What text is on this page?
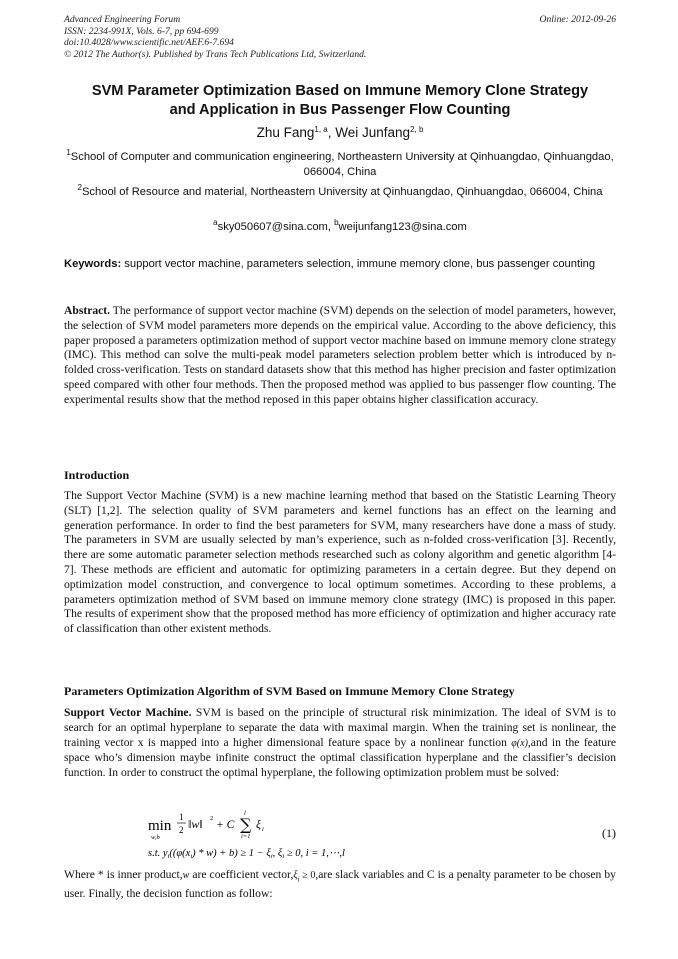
Advanced Engineering Forum
ISSN: 2234-991X, Vols. 6-7, pp 694-699
doi:10.4028/www.scientific.net/AEF.6-7.694
© 2012 The Author(s). Published by Trans Tech Publications Ltd, Switzerland.
Online: 2012-09-26
SVM Parameter Optimization Based on Immune Memory Clone Strategy
and Application in Bus Passenger Flow Counting
Zhu Fang$^{1, a}$, Wei Junfang$^{2, b}$
$^1$School of Computer and communication engineering, Northeastern University at Qinhuangdao, Qinhuangdao, 066004, China
$^2$School of Resource and material, Northeastern University at Qinhuangdao, Qinhuangdao, 066004, China
$^a$sky050607@sina.com, $^b$weijunfang123@sina.com
Keywords: support vector machine, parameters selection, immune memory clone, bus passenger counting
Abstract. The performance of support vector machine (SVM) depends on the selection of model parameters, however, the selection of SVM model parameters more depends on the empirical value. According to the above deficiency, this paper proposed a parameters optimization method of support vector machine based on immune memory clone strategy (IMC). This method can solve the multi-peak model parameters selection problem better which is introduced by n-folded cross-verification. Tests on standard datasets show that this method has higher precision and faster optimization speed compared with other four methods. Then the proposed method was applied to bus passenger flow counting. The experimental results show that the method reposed in this paper obtains higher classification accuracy.
Introduction
The Support Vector Machine (SVM) is a new machine learning method that based on the Statistic Learning Theory (SLT) [1,2]. The selection quality of SVM parameters and kernel functions has an effect on the learning and generation performance. In order to find the best parameters for SVM, many researchers have done a mass of study. The parameters in SVM are usually selected by man’s experience, such as n-folded cross-verification [3]. Recently, there are some automatic parameter selection methods researched such as colony algorithm and genetic algorithm [4-7]. These methods are efficient and automatic for optimizing parameters in a certain degree. But they depend on optimization model construction, and convergence to local optimum sometimes. According to these problems, a parameters optimization method of SVM based on immune memory clone strategy (IMC) is proposed in this paper. The results of experiment show that the proposed method has more efficiency of optimization and higher accuracy rate of classification than other existent methods.
Parameters Optimization Algorithm of SVM Based on Immune Memory Clone Strategy
Support Vector Machine. SVM is based on the principle of structural risk minimization. The ideal of SVM is to search for an optimal hyperplane to separate the data with maximal margin. When the training set is nonlinear, the training vector x is mapped into a higher dimensional feature space by a nonlinear function φ(x),and in the feature space who’s dimension maybe infinite construct the optimal classification hyperplane and the classifier’s decision function. In order to construct the optimal hyperplane, the following optimization problem must be solved:
min
w,b
1
2 ‖w‖ 2
+ C ∑
l
i=1
ξ i
s.t. yi((φ(xi) * w) + b) ≥ 1 − ξi, ξi ≥ 0, i = 1,⋯,l
(1)
Where * is inner product,w are coefficient $vector,\xi_i \ge 0,are$ slack variables and C is a penalty parameter to be chosen by user. Finally, the decision function as follow:
